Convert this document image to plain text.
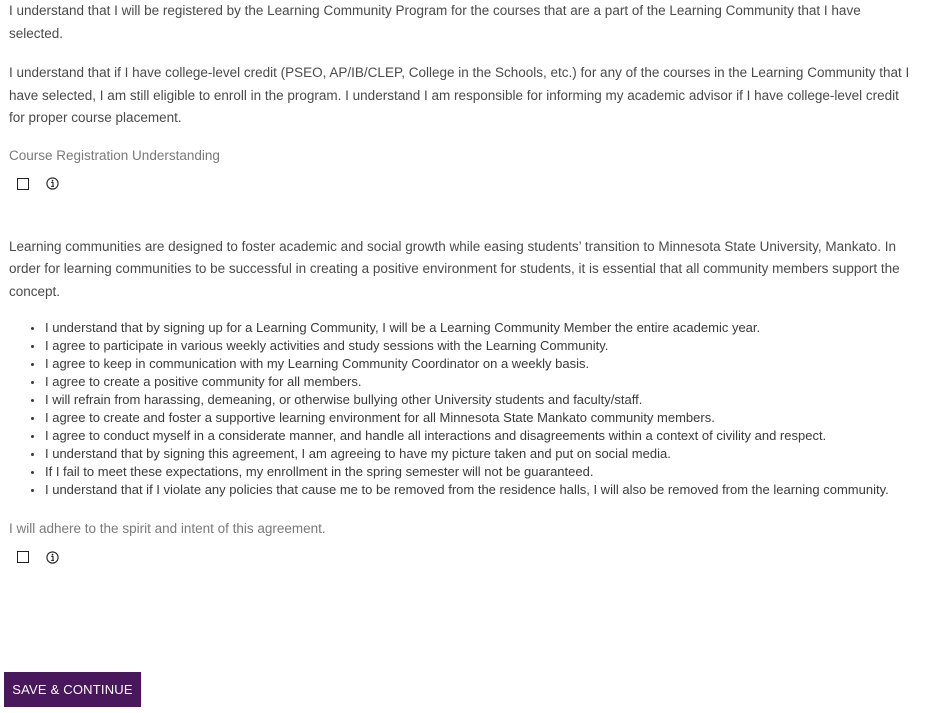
I understand that I will be registered by the Learning Community Program for the courses that are a part of the Learning Community that I have selected.

I understand that if I have college-level credit (PSEO, AP/IB/CLEP, College in the Schools, etc.) for any of the courses in the Learning Community that I have selected, I am still eligible to enroll in the program. I understand I am responsible for informing my academic advisor if I have college-level credit for proper course placement.

Course Registration Understanding

Learning communities are designed to foster academic and social growth while easing students’ transition to Minnesota State University, Mankato. In order for learning communities to be successful in creating a positive environment for students, it is essential that all community members support the concept.

• I understand that by signing up for a Learning Community, I will be a Learning Community Member the entire academic year.
• I agree to participate in various weekly activities and study sessions with the Learning Community.
• I agree to keep in communication with my Learning Community Coordinator on a weekly basis.
• I agree to create a positive community for all members.
• I will refrain from harassing, demeaning, or otherwise bullying other University students and faculty/staff.
• I agree to create and foster a supportive learning environment for all Minnesota State Mankato community members.
• I agree to conduct myself in a considerate manner, and handle all interactions and disagreements within a context of civility and respect.
• I understand that by signing this agreement, I am agreeing to have my picture taken and put on social media.
• If I fail to meet these expectations, my enrollment in the spring semester will not be guaranteed.
• I understand that if I violate any policies that cause me to be removed from the residence halls, I will also be removed from the learning community.
I will adhere to the spirit and intent of this agreement.
SAVE & CONTINUE
